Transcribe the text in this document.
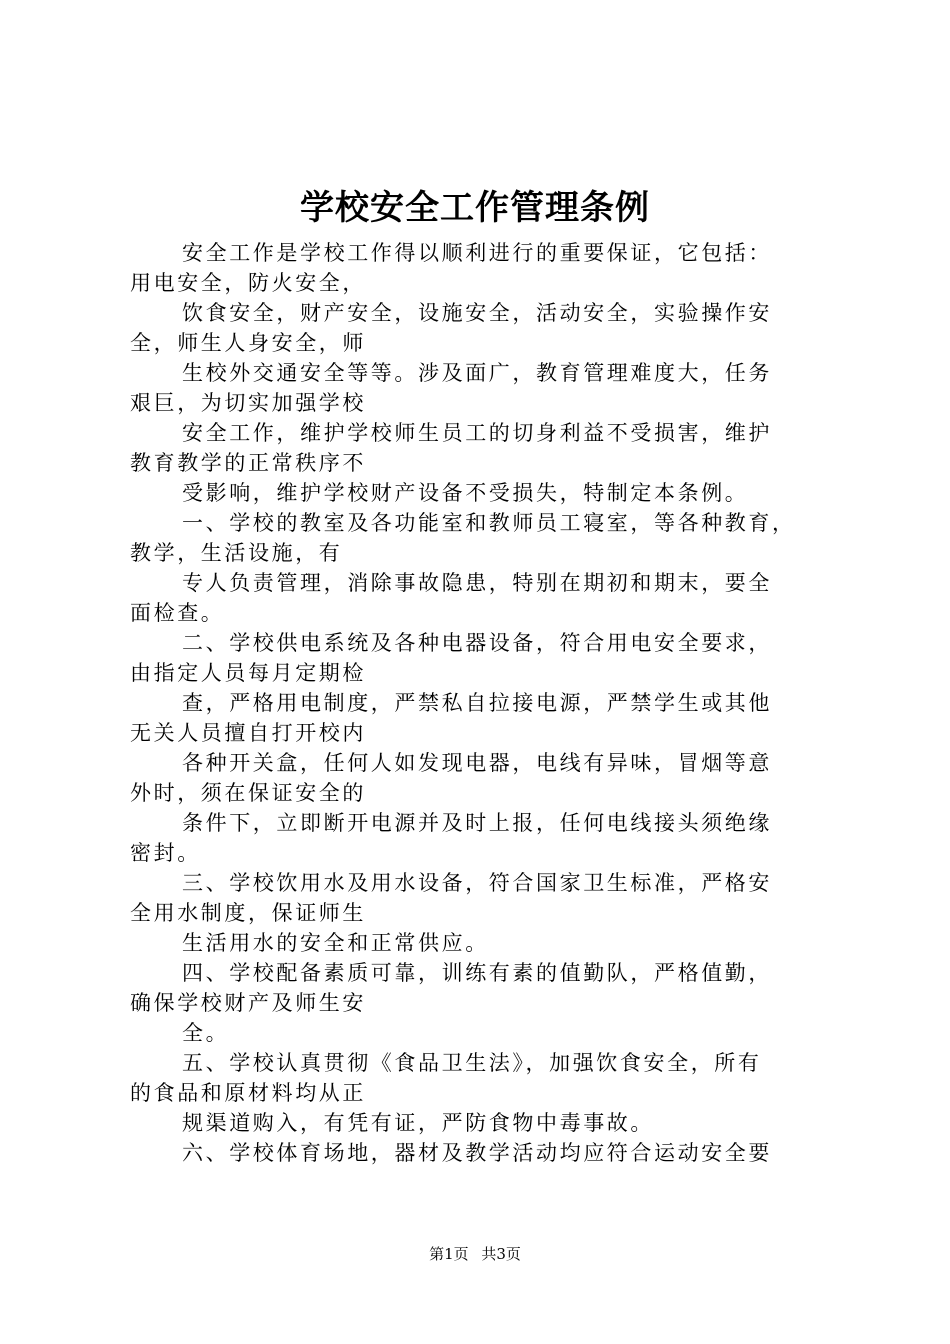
学校安全工作管理条例

安全工作是学校工作得以顺利进行的重要保证，它包括：
用电安全，防火安全，

饮食安全，财产安全，设施安全，活动安全，实验操作安
全，师生人身安全，师

生校外交通安全等等。涉及面广，教育管理难度大，任务
艰巨，为切实加强学校

安全工作，维护学校师生员工的切身利益不受损害，维护
教育教学的正常秩序不

受影响，维护学校财产设备不受损失，特制定本条例。

一、学校的教室及各功能室和教师员工寝室，等各种教育，
教学，生活设施，有

专人负责管理，消除事故隐患，特别在期初和期末，要全
面检查。

二、学校供电系统及各种电器设备，符合用电安全要求，
由指定人员每月定期检

查，严格用电制度，严禁私自拉接电源，严禁学生或其他
无关人员擅自打开校内

各种开关盒，任何人如发现电器，电线有异味，冒烟等意
外时，须在保证安全的

条件下，立即断开电源并及时上报，任何电线接头须绝缘
密封。

三、学校饮用水及用水设备，符合国家卫生标准，严格安
全用水制度，保证师生

生活用水的安全和正常供应。

四、学校配备素质可靠，训练有素的值勤队，严格值勤，
确保学校财产及师生安

全。

五、学校认真贯彻《食品卫生法》，加强饮食安全，所有
的食品和原材料均从正

规渠道购入，有凭有证，严防食物中毒事故。

六、学校体育场地，器材及教学活动均应符合运动安全要

第1页 共3页
